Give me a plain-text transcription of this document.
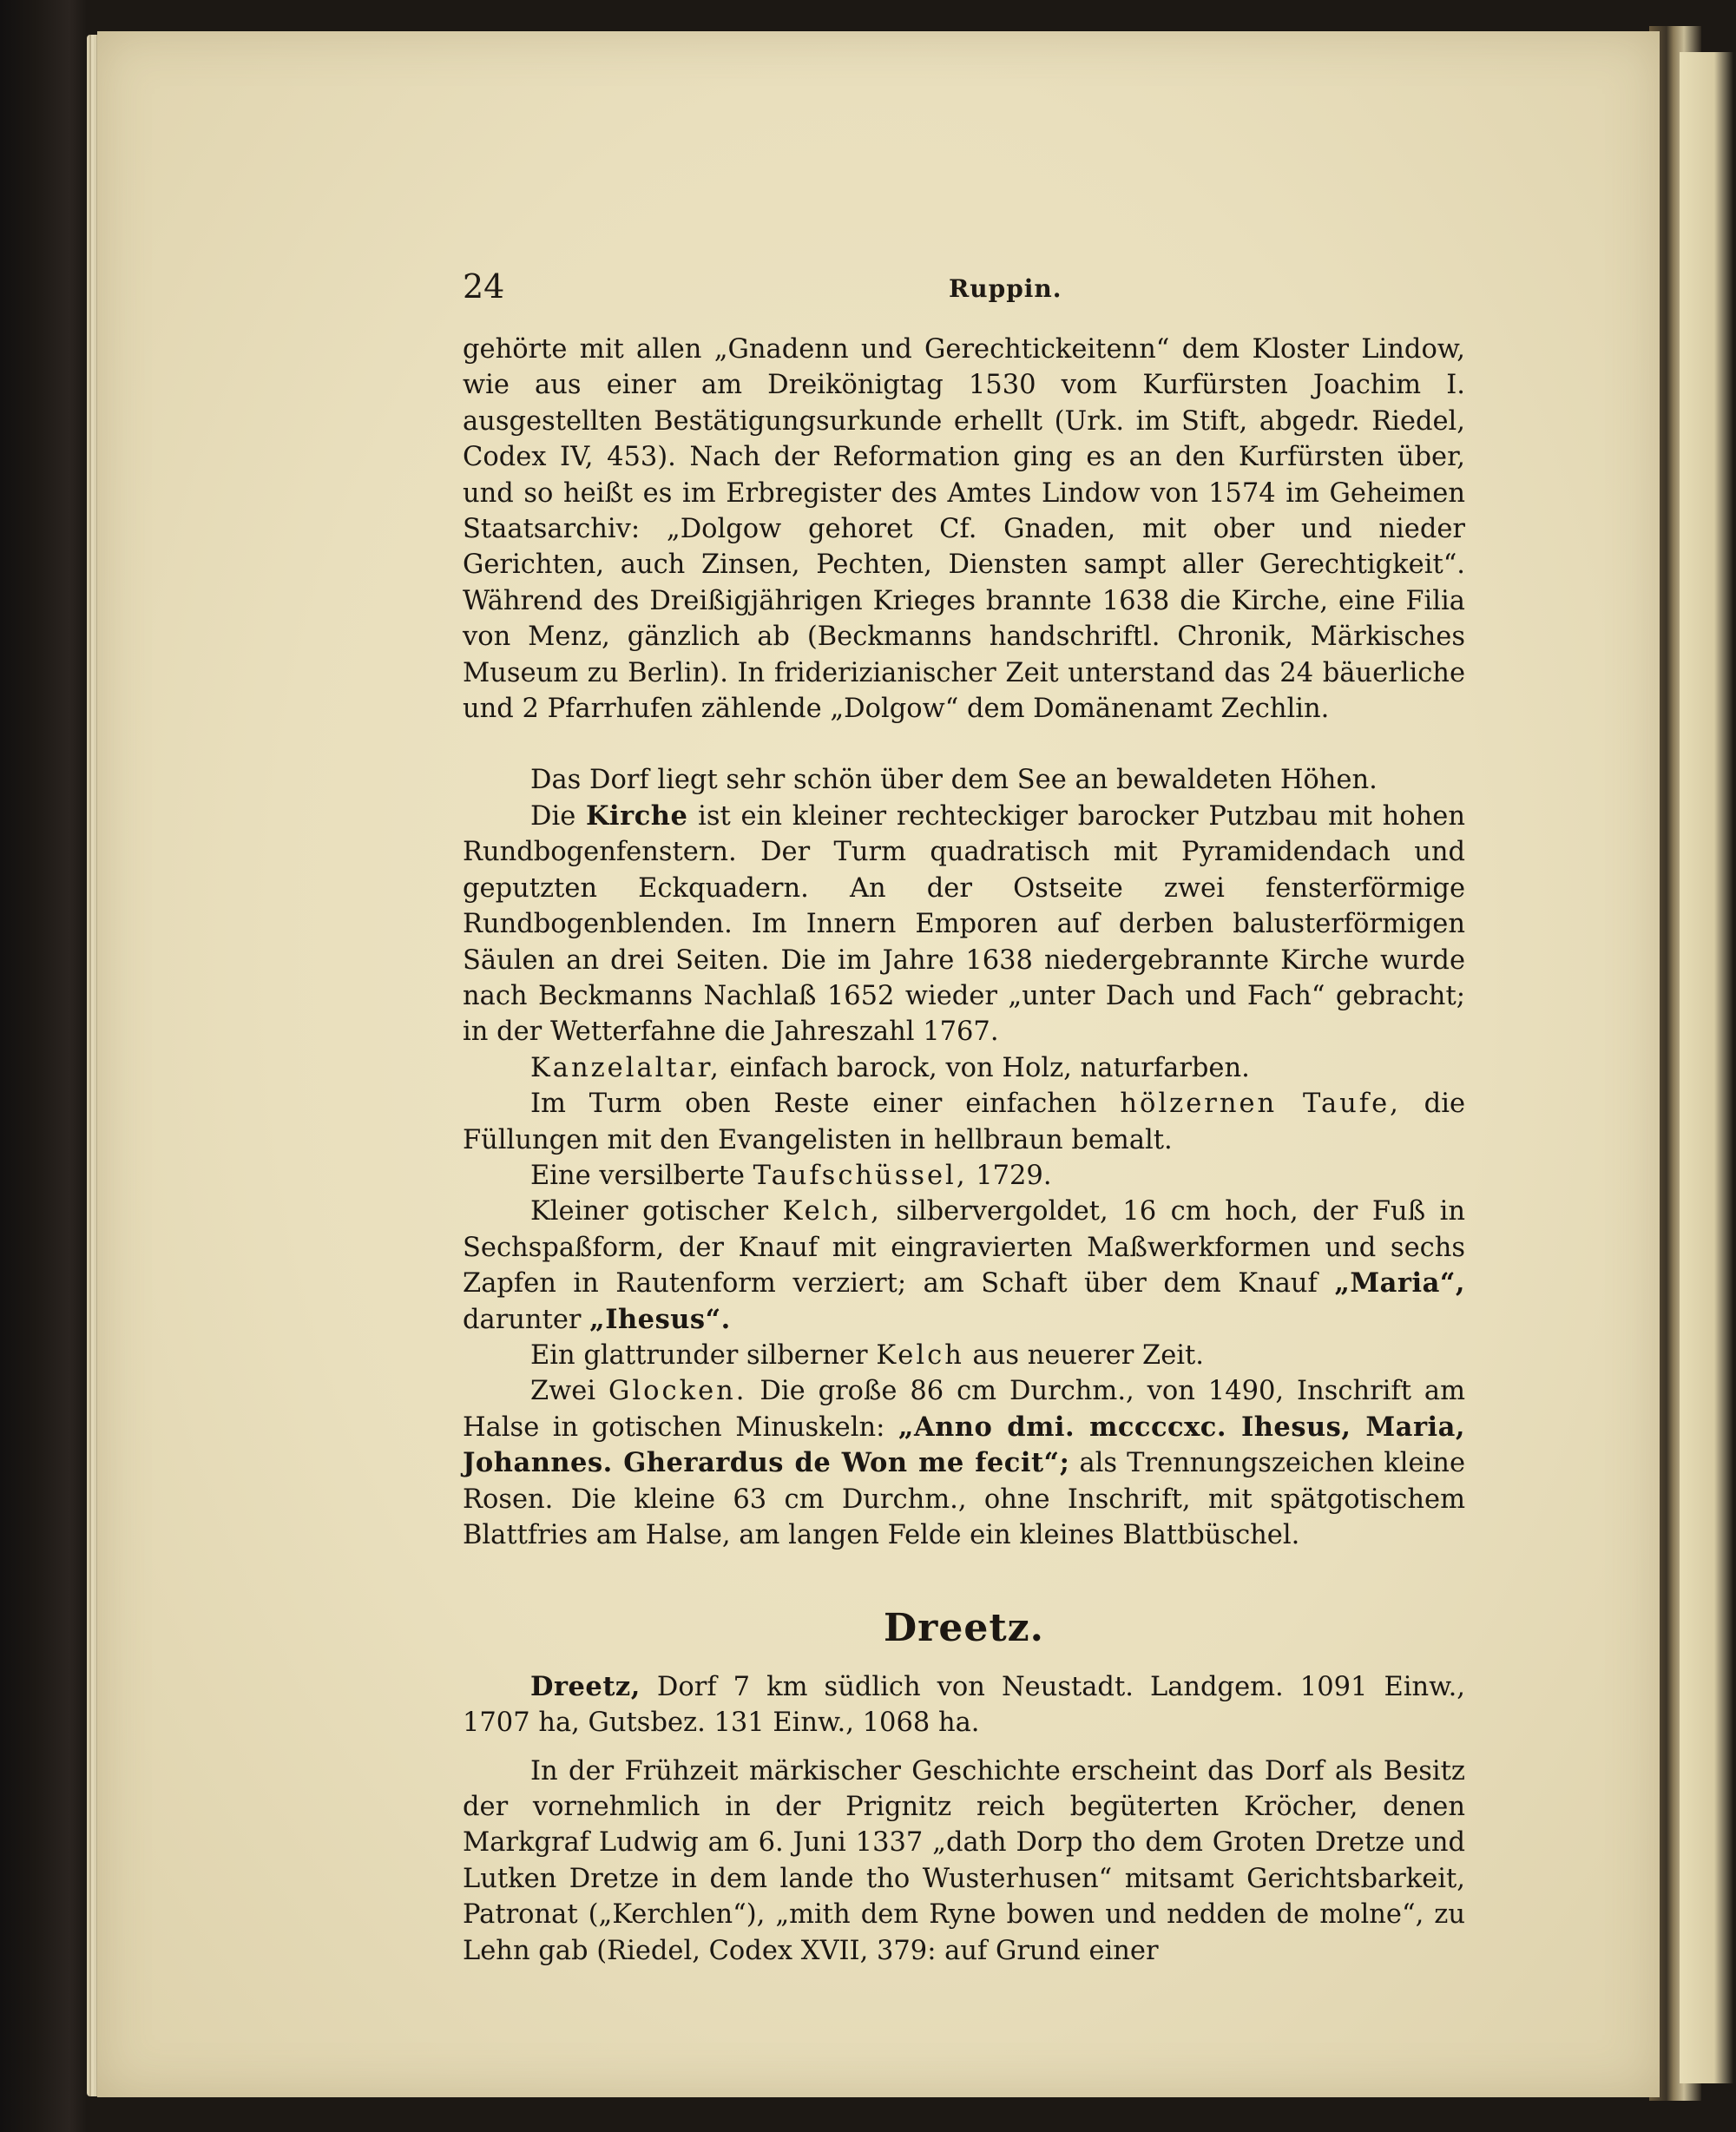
24	Ruppin.

gehörte mit allen „Gnadenn und Gerechtickeitenn“ dem Kloster Lindow, wie aus einer am Dreikönigtag 1530 vom Kurfürsten Joachim I. ausgestellten Bestätigungsurkunde erhellt (Urk. im Stift, abgedr. Riedel, Codex IV, 453). Nach der Reformation ging es an den Kurfürsten über, und so heißt es im Erbregister des Amtes Lindow von 1574 im Geheimen Staatsarchiv: „Dolgow gehoret Cf. Gnaden, mit ober und nieder Gerichten, auch Zinsen, Pechten, Diensten sampt aller Gerechtigkeit“. Während des Dreißigjährigen Krieges brannte 1638 die Kirche, eine Filia von Menz, gänzlich ab (Beckmanns handschriftl. Chronik, Märkisches Museum zu Berlin). In friderizianischer Zeit unterstand das 24 bäuerliche und 2 Pfarrhufen zählende „Dolgow“ dem Domänenamt Zechlin.

Das Dorf liegt sehr schön über dem See an bewaldeten Höhen.

Die Kirche ist ein kleiner rechteckiger barocker Putzbau mit hohen Rundbogenfenstern. Der Turm quadratisch mit Pyramidendach und geputzten Eckquadern. An der Ostseite zwei fensterförmige Rundbogenblenden. Im Innern Emporen auf derben balusterförmigen Säulen an drei Seiten. Die im Jahre 1638 niedergebrannte Kirche wurde nach Beckmanns Nachlaß 1652 wieder „unter Dach und Fach“ gebracht; in der Wetterfahne die Jahreszahl 1767.

Kanzelaltar, einfach barock, von Holz, naturfarben.

Im Turm oben Reste einer einfachen hölzernen Taufe, die Füllungen mit den Evangelisten in hellbraun bemalt.

Eine versilberte Taufschüssel, 1729.

Kleiner gotischer Kelch, silbervergoldet, 16 cm hoch, der Fuß in Sechspaßform, der Knauf mit eingravierten Maßwerkformen und sechs Zapfen in Rautenform verziert; am Schaft über dem Knauf „Maria“, darunter „Ihesus“.

Ein glattrunder silberner Kelch aus neuerer Zeit.

Zwei Glocken. Die große 86 cm Durchm., von 1490, Inschrift am Halse in gotischen Minuskeln: „Anno dmi. mccccxc. Ihesus, Maria, Johannes. Gherardus de Won me fecit“; als Trennungszeichen kleine Rosen. Die kleine 63 cm Durchm., ohne Inschrift, mit spätgotischem Blattfries am Halse, am langen Felde ein kleines Blattbüschel.

Dreetz.

Dreetz, Dorf 7 km südlich von Neustadt. Landgem. 1091 Einw., 1707 ha, Gutsbez. 131 Einw., 1068 ha.

In der Frühzeit märkischer Geschichte erscheint das Dorf als Besitz der vornehmlich in der Prignitz reich begüterten Kröcher, denen Markgraf Ludwig am 6. Juni 1337 „dath Dorp tho dem Groten Dretze und Lutken Dretze in dem lande tho Wusterhusen“ mitsamt Gerichtsbarkeit, Patronat („Kerchlen“), „mith dem Ryne bowen und nedden de molne“, zu Lehn gab (Riedel, Codex XVII, 379: auf Grund einer
